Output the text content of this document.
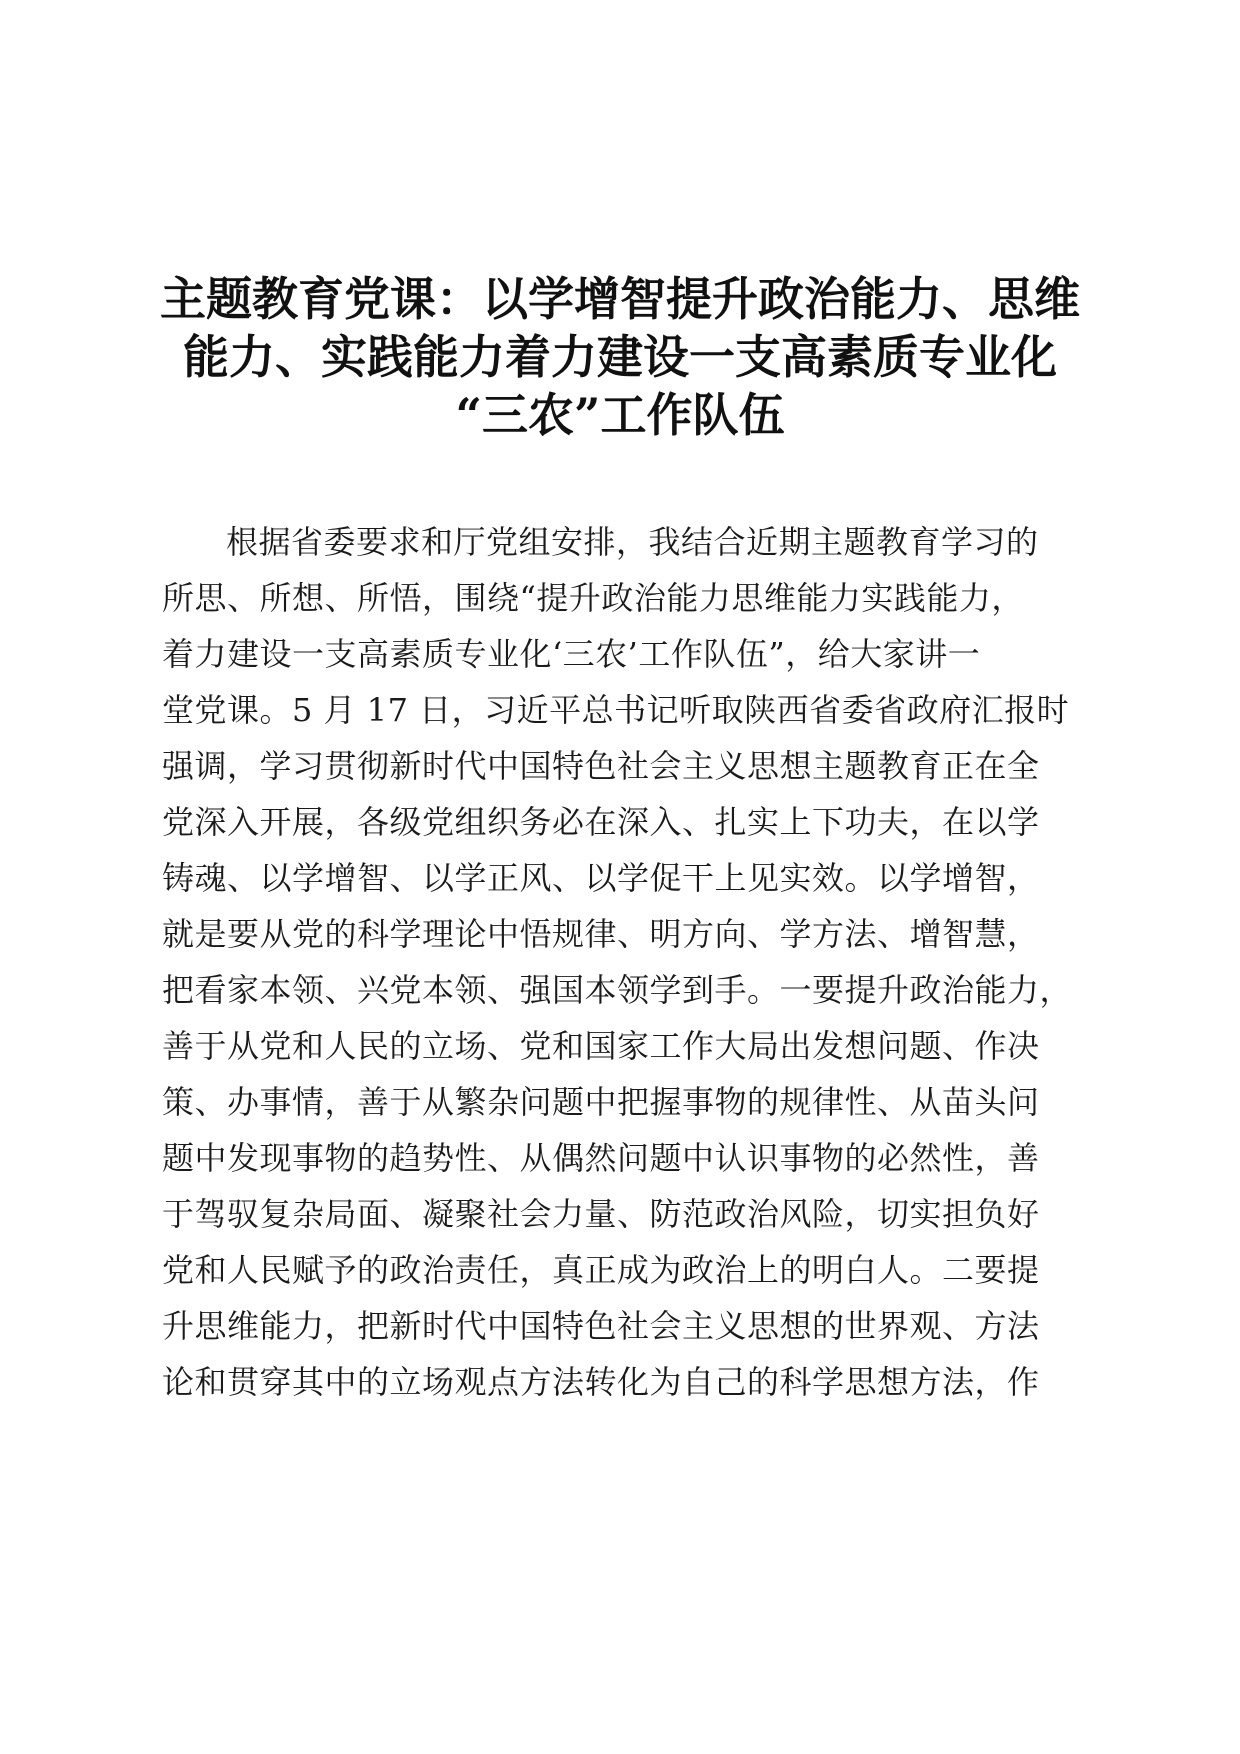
主题教育党课：以学增智提升政治能力、思维
能力、实践能力着力建设一支高素质专业化
“三农”工作队伍
根据省委要求和厅党组安排，我结合近期主题教育学习的
所思、所想、所悟，围绕“提升政治能力思维能力实践能力，
着力建设一支高素质专业化‘三农’工作队伍”，给大家讲一
堂党课。5 月 17 日，习近平总书记听取陕西省委省政府汇报时
强调，学习贯彻新时代中国特色社会主义思想主题教育正在全
党深入开展，各级党组织务必在深入、扎实上下功夫，在以学
铸魂、以学增智、以学正风、以学促干上见实效。以学增智，
就是要从党的科学理论中悟规律、明方向、学方法、增智慧，
把看家本领、兴党本领、强国本领学到手。一要提升政治能力，
善于从党和人民的立场、党和国家工作大局出发想问题、作决
策、办事情，善于从繁杂问题中把握事物的规律性、从苗头问
题中发现事物的趋势性、从偶然问题中认识事物的必然性，善
于驾驭复杂局面、凝聚社会力量、防范政治风险，切实担负好
党和人民赋予的政治责任，真正成为政治上的明白人。二要提
升思维能力，把新时代中国特色社会主义思想的世界观、方法
论和贯穿其中的立场观点方法转化为自己的科学思想方法，作
